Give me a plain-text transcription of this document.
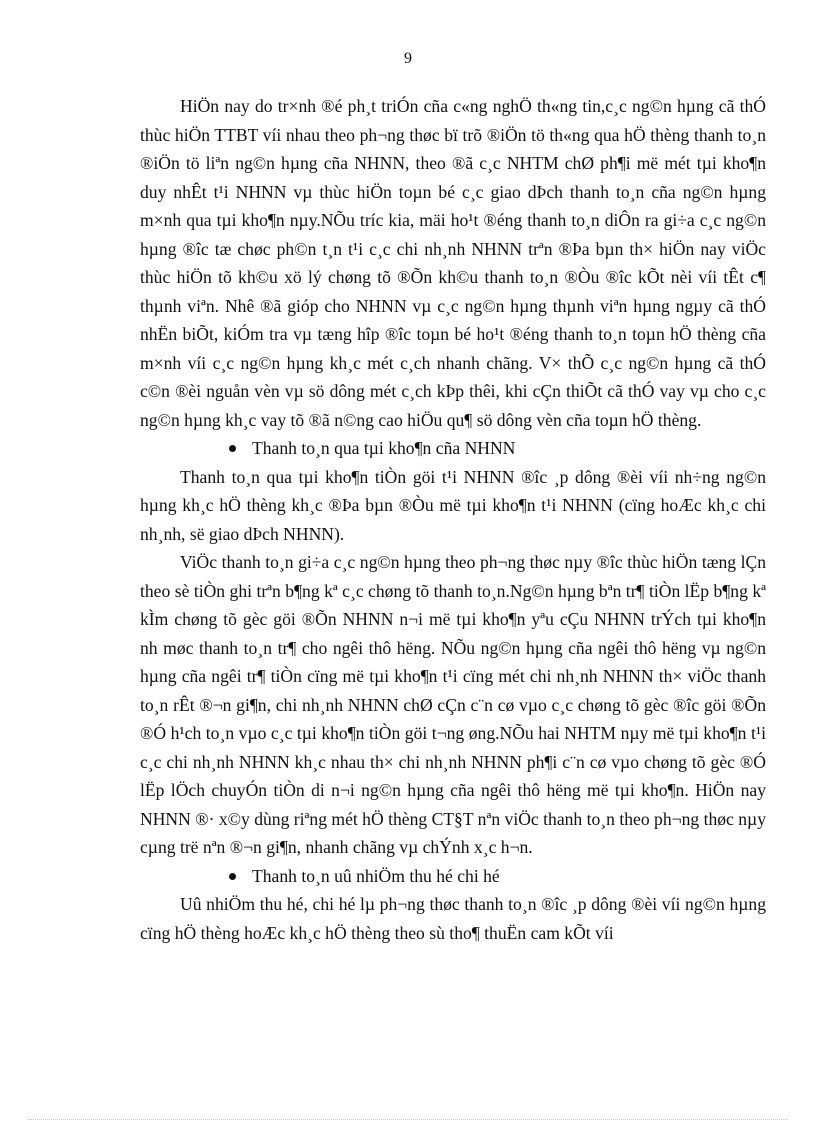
9

HiÖn nay do tr×nh ®é ph¸t triÓn cña c«ng nghÖ th«ng tin,c¸c ng©n hµng cã thÓ thùc hiÖn TTBT víi nhau theo ph¬ng thøc bï trõ ®iÖn tö th«ng qua hÖ thèng thanh to¸n ®iÖn tö liªn ng©n hµng cña NHNN, theo ®ã c¸c NHTM chØ ph¶i më mét tµi kho¶n duy nhÊt t¹i NHNN vµ thùc hiÖn toµn bé c¸c giao dÞch thanh to¸n cña ng©n hµng m×nh qua tµi kho¶n nµy.NÕu tríc kia, mäi ho¹t ®éng thanh to¸n diÔn ra gi÷a c¸c ng©n hµng ®îc tæ chøc ph©n t¸n t¹i c¸c chi nh¸nh NHNN trªn ®Þa bµn th× hiÖn nay viÖc thùc hiÖn tõ kh©u xö lý chøng tõ ®Õn kh©u thanh to¸n ®Òu ®îc kÕt nèi víi tÊt c¶ thµnh viªn. Nhê ®ã gióp cho NHNN vµ c¸c ng©n hµng thµnh viªn hµng ngµy cã thÓ nhËn biÕt, kiÓm tra vµ tæng hîp ®îc toµn bé ho¹t ®éng thanh to¸n toµn hÖ thèng cña m×nh víi c¸c ng©n hµng kh¸c mét c¸ch nhanh chãng. V× thÕ c¸c ng©n hµng cã thÓ c©n ®èi nguån vèn vµ sö dông mét c¸ch kÞp thêi, khi cÇn thiÕt cã thÓ vay vµ cho c¸c ng©n hµng kh¸c vay tõ ®ã n©ng cao hiÖu qu¶ sö dông vèn cña toµn hÖ thèng.

Thanh to¸n qua tµi kho¶n cña NHNN

Thanh to¸n qua tµi kho¶n tiÒn göi t¹i NHNN ®îc ¸p dông ®èi víi nh÷ng ng©n hµng kh¸c hÖ thèng kh¸c ®Þa bµn ®Òu më tµi kho¶n t¹i NHNN (cïng hoÆc kh¸c chi nh¸nh, së giao dÞch NHNN).

ViÖc thanh to¸n gi÷a c¸c ng©n hµng theo ph¬ng thøc nµy ®îc thùc hiÖn tæng lÇn theo sè tiÒn ghi trªn b¶ng kª c¸c chøng tõ thanh to¸n.Ng©n hµng bªn tr¶ tiÒn lËp b¶ng kª kÌm chøng tõ gèc göi ®Õn NHNN n¬i më tµi kho¶n yªu cÇu NHNN trÝch tµi kho¶n nh møc thanh to¸n tr¶ cho ngêi thô hëng. NÕu ng©n hµng cña ngêi thô hëng vµ ng©n hµng cña ngêi tr¶ tiÒn cïng më tµi kho¶n t¹i cïng mét chi nh¸nh NHNN th× viÖc thanh to¸n rÊt ®¬n gi¶n, chi nh¸nh NHNN chØ cÇn c¨n cø vµo c¸c chøng tõ gèc ®îc göi ®Õn ®Ó h¹ch to¸n vµo c¸c tµi kho¶n tiÒn göi t¬ng øng.NÕu hai NHTM nµy më tµi kho¶n t¹i c¸c chi nh¸nh NHNN kh¸c nhau th× chi nh¸nh NHNN ph¶i c¨n cø vµo chøng tõ gèc ®Ó lËp lÖch chuyÓn tiÒn di n¬i ng©n hµng cña ngêi thô hëng më tµi kho¶n. HiÖn nay NHNN ®· x©y dùng riªng mét hÖ thèng CT§T nªn viÖc thanh to¸n theo ph¬ng thøc nµy cµng trë nªn ®¬n gi¶n, nhanh chãng vµ chÝnh x¸c h¬n.

Thanh to¸n uû nhiÖm thu hé chi hé

Uû nhiÖm thu hé, chi hé lµ ph¬ng thøc thanh to¸n ®îc ¸p dông ®èi víi ng©n hµng cïng hÖ thèng hoÆc kh¸c hÖ thèng theo sù tho¶ thuËn cam kÕt víi
